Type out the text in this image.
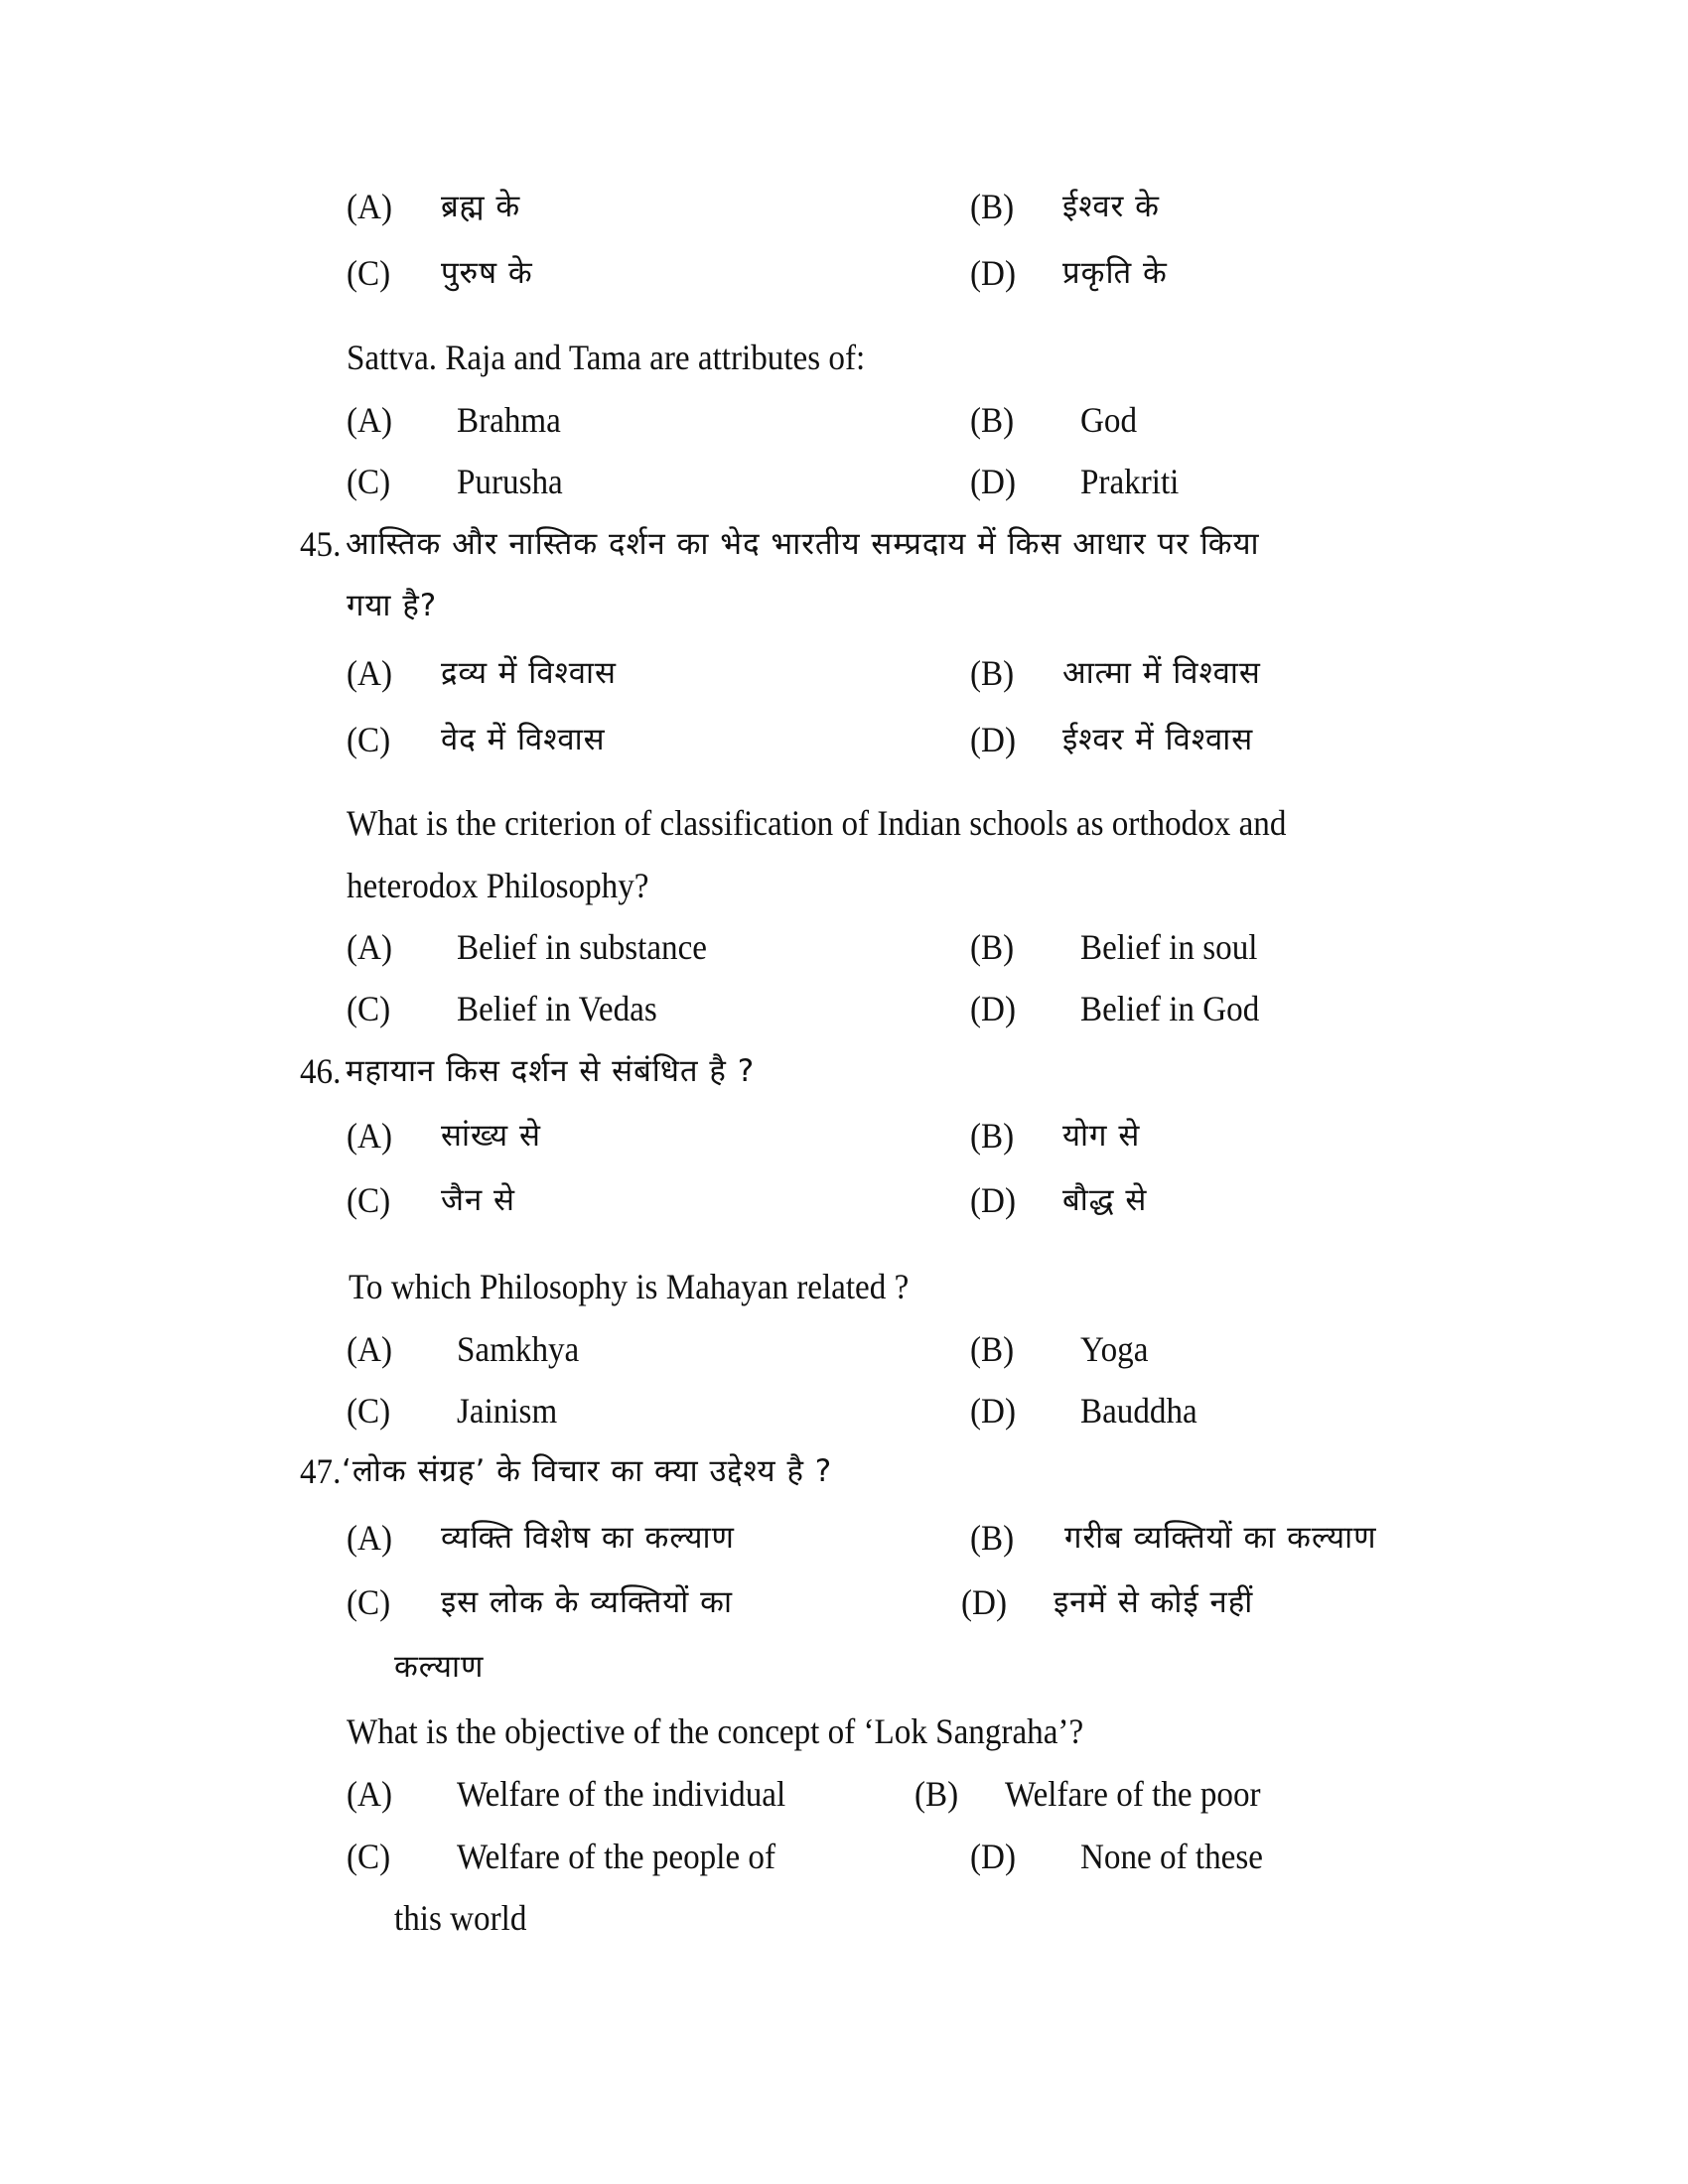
(A) ब्रह्म के	(B) ईश्वर के
(C) पुरुष के	(D) प्रकृति के
Sattva. Raja and Tama are attributes of:
(A) Brahma	(B) God
(C) Purusha	(D) Prakriti
45. आस्तिक और नास्तिक दर्शन का भेद भारतीय सम्प्रदाय में किस आधार पर किया
गया है?
(A) द्रव्य में विश्वास	(B) आत्मा में विश्वास
(C) वेद में विश्वास	(D) ईश्वर में विश्वास
What is the criterion of classification of Indian schools as orthodox and
heterodox Philosophy?
(A) Belief in substance	(B) Belief in soul
(C) Belief in Vedas	(D) Belief in God
46. महायान किस दर्शन से संबंधित है ?
(A) सांख्य से	(B) योग से
(C) जैन से	(D) बौद्ध से
To which Philosophy is Mahayan related ?
(A) Samkhya	(B) Yoga
(C) Jainism	(D) Bauddha
47. ‘लोक संग्रह’ के विचार का क्या उद्देश्य है ?
(A) व्यक्ति विशेष का कल्याण	(B) गरीब व्यक्तियों का कल्याण
(C) इस लोक के व्यक्तियों का	(D) इनमें से कोई नहीं
कल्याण
What is the objective of the concept of ‘Lok Sangraha’?
(A) Welfare of the individual	(B) Welfare of the poor
(C) Welfare of the people of	(D) None of these
this world
